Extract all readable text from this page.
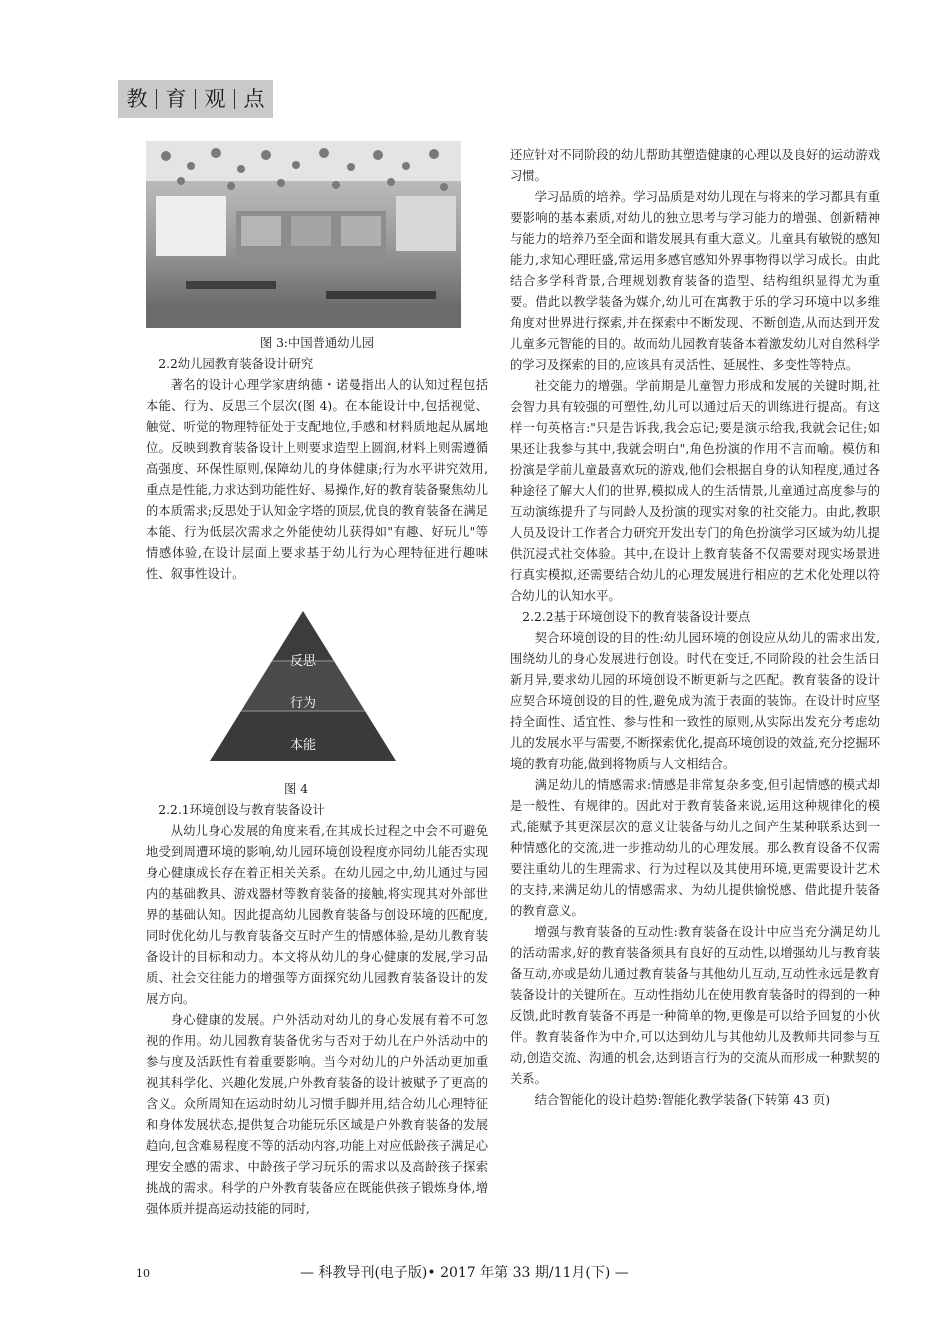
教 育 观 点
图 3:中国普通幼儿园

2.2幼儿园教育装备设计研究

著名的设计心理学家唐纳德・诺曼指出人的认知过程包括本能、行为、反思三个层次(图 4)。在本能设计中,包括视觉、触觉、听觉的物理特征处于支配地位,手感和材料质地起从属地位。反映到教育装备设计上则要求造型上圆润,材料上则需遵循高强度、环保性原则,保障幼儿的身体健康;行为水平讲究效用,重点是性能,力求达到功能性好、易操作,好的教育装备聚焦幼儿的本质需求;反思处于认知金字塔的顶层,优良的教育装备在满足本能、行为低层次需求之外能使幼儿获得如"有趣、好玩儿"等情感体验,在设计层面上要求基于幼儿行为心理特征进行趣味性、叙事性设计。

反思
行为
本能
图 4

2.2.1环境创设与教育装备设计

从幼儿身心发展的角度来看,在其成长过程之中会不可避免地受到周遭环境的影响,幼儿园环境创设程度亦同幼儿能否实现身心健康成长存在着正相关关系。在幼儿园之中,幼儿通过与园内的基础教具、游戏器材等教育装备的接触,将实现其对外部世界的基础认知。因此提高幼儿园教育装备与创设环境的匹配度,同时优化幼儿与教育装备交互时产生的情感体验,是幼儿教育装备设计的目标和动力。本文将从幼儿的身心健康的发展,学习品质、社会交往能力的增强等方面探究幼儿园教育装备设计的发展方向。

身心健康的发展。户外活动对幼儿的身心发展有着不可忽视的作用。幼儿园教育装备优劣与否对于幼儿在户外活动中的参与度及活跃性有着重要影响。当今对幼儿的户外活动更加重视其科学化、兴趣化发展,户外教育装备的设计被赋予了更高的含义。众所周知在运动时幼儿习惯手脚并用,结合幼儿心理特征和身体发展状态,提供复合功能玩乐区域是户外教育装备的发展趋向,包含难易程度不等的活动内容,功能上对应低龄孩子满足心理安全感的需求、中龄孩子学习玩乐的需求以及高龄孩子探索挑战的需求。科学的户外教育装备应在既能供孩子锻炼身体,增强体质并提高运动技能的同时,

还应针对不同阶段的幼儿帮助其塑造健康的心理以及良好的运动游戏习惯。

学习品质的培养。学习品质是对幼儿现在与将来的学习都具有重要影响的基本素质,对幼儿的独立思考与学习能力的增强、创新精神与能力的培养乃至全面和谐发展具有重大意义。儿童具有敏锐的感知能力,求知心理旺盛,常运用多感官感知外界事物得以学习成长。由此结合多学科背景,合理规划教育装备的造型、结构组织显得尤为重要。借此以教学装备为媒介,幼儿可在寓教于乐的学习环境中以多维角度对世界进行探索,并在探索中不断发现、不断创造,从而达到开发儿童多元智能的目的。故而幼儿园教育装备本着激发幼儿对自然科学的学习及探索的目的,应该具有灵活性、延展性、多变性等特点。

社交能力的增强。学前期是儿童智力形成和发展的关键时期,社会智力具有较强的可塑性,幼儿可以通过后天的训练进行提高。有这样一句英格言:"只是告诉我,我会忘记;要是演示给我,我就会记住;如果还让我参与其中,我就会明白",角色扮演的作用不言而喻。模仿和扮演是学前儿童最喜欢玩的游戏,他们会根据自身的认知程度,通过各种途径了解大人们的世界,模拟成人的生活情景,儿童通过高度参与的互动演练提升了与同龄人及扮演的现实对象的社交能力。由此,教职人员及设计工作者合力研究开发出专门的角色扮演学习区域为幼儿提供沉浸式社交体验。其中,在设计上教育装备不仅需要对现实场景进行真实模拟,还需要结合幼儿的心理发展进行相应的艺术化处理以符合幼儿的认知水平。

2.2.2基于环境创设下的教育装备设计要点

契合环境创设的目的性:幼儿园环境的创设应从幼儿的需求出发,围绕幼儿的身心发展进行创设。时代在变迁,不同阶段的社会生活日新月异,要求幼儿园的环境创设不断更新与之匹配。教育装备的设计应契合环境创设的目的性,避免成为流于表面的装饰。在设计时应坚持全面性、适宜性、参与性和一致性的原则,从实际出发充分考虑幼儿的发展水平与需要,不断探索优化,提高环境创设的效益,充分挖掘环境的教育功能,做到将物质与人文相结合。

满足幼儿的情感需求:情感是非常复杂多变,但引起情感的模式却是一般性、有规律的。因此对于教育装备来说,运用这种规律化的模式,能赋予其更深层次的意义让装备与幼儿之间产生某种联系达到一种情感化的交流,进一步推动幼儿的心理发展。那么教育设备不仅需要注重幼儿的生理需求、行为过程以及其使用环境,更需要设计艺术的支持,来满足幼儿的情感需求、为幼儿提供愉悦感、借此提升装备的教育意义。

增强与教育装备的互动性:教育装备在设计中应当充分满足幼儿的活动需求,好的教育装备须具有良好的互动性,以增强幼儿与教育装备互动,亦或是幼儿通过教育装备与其他幼儿互动,互动性永远是教育装备设计的关键所在。互动性指幼儿在使用教育装备时的得到的一种反馈,此时教育装备不再是一种简单的物,更像是可以给予回复的小伙伴。教育装备作为中介,可以达到幼儿与其他幼儿及教师共同参与互动,创造交流、沟通的机会,达到语言行为的交流从而形成一种默契的关系。

结合智能化的设计趋势:智能化教学装备(下转第 43 页)

10	— 科教导刊(电子版)• 2017 年第 33 期/11月(下) —
